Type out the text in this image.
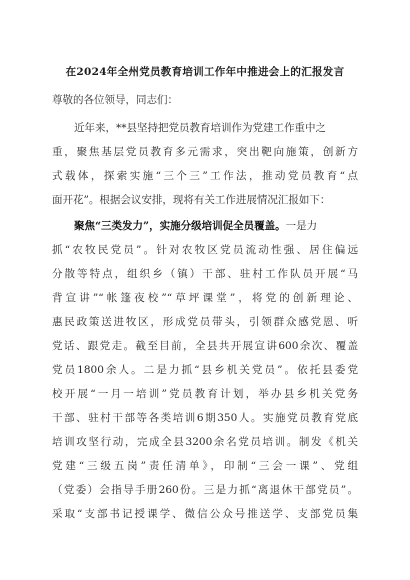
在2024年全州党员教育培训工作年中推进会上的汇报发言
尊敬的各位领导，同志们：
近年来，**县坚持把党员教育培训作为党建工作重中之
重，聚焦基层党员教育多元需求，突出靶向施策，创新方
式载体，探索实施“三个三”工作法，推动党员教育“点
面开花”。根据会议安排，现将有关工作进展情况汇报如下：
聚焦“三类发力”，实施分级培训促全员覆盖。一是力
抓“农牧民党员”。针对农牧区党员流动性强、居住偏远
分散等特点，组织乡（镇）干部、驻村工作队员开展“马
背宣讲”“帐篷夜校”“草坪课堂”，将党的创新理论、
惠民政策送进牧区，形成党员带头，引领群众感党恩、听
党话、跟党走。截至目前，全县共开展宣讲600余次、覆盖
党员1800余人。二是力抓“县乡机关党员”。依托县委党
校开展“一月一培训”党员教育计划，举办县乡机关党务
干部、驻村干部等各类培训6期350人。实施党员教育党底
培训攻坚行动，完成全县3200余名党员培训。制发《机关
党建“三级五岗”责任清单》，印制“三会一课”、党组
（党委）会指导手册260份。三是力抓“离退休干部党员”。
采取“支部书记授课学、微信公众号推送学、支部党员集
